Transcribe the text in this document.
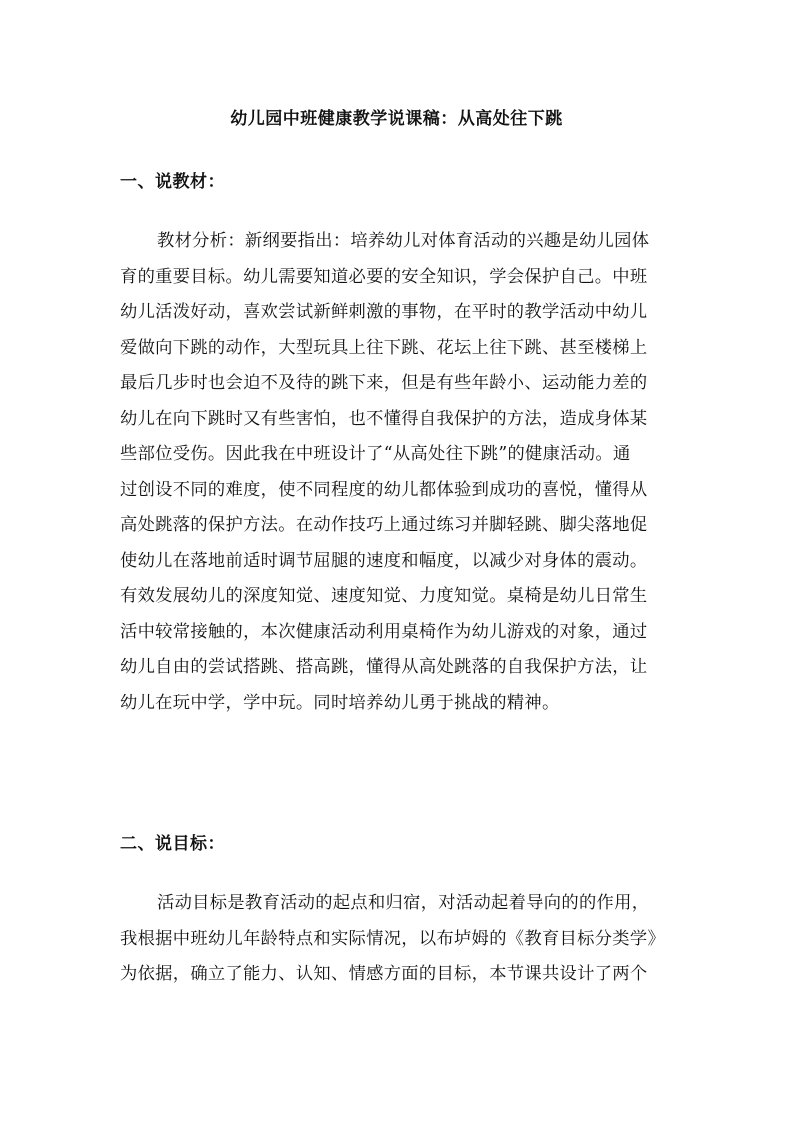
幼儿园中班健康教学说课稿：从高处往下跳
一、说教材：
教材分析：新纲要指出：培养幼儿对体育活动的兴趣是幼儿园体
育的重要目标。幼儿需要知道必要的安全知识，学会保护自己。中班
幼儿活泼好动，喜欢尝试新鲜刺激的事物，在平时的教学活动中幼儿
爱做向下跳的动作，大型玩具上往下跳、花坛上往下跳、甚至楼梯上
最后几步时也会迫不及待的跳下来，但是有些年龄小、运动能力差的
幼儿在向下跳时又有些害怕，也不懂得自我保护的方法，造成身体某
些部位受伤。因此我在中班设计了“从高处往下跳”的健康活动。通
过创设不同的难度，使不同程度的幼儿都体验到成功的喜悦，懂得从
高处跳落的保护方法。在动作技巧上通过练习并脚轻跳、脚尖落地促
使幼儿在落地前适时调节屈腿的速度和幅度，以减少对身体的震动。
有效发展幼儿的深度知觉、速度知觉、力度知觉。桌椅是幼儿日常生
活中较常接触的，本次健康活动利用桌椅作为幼儿游戏的对象，通过
幼儿自由的尝试搭跳、搭高跳，懂得从高处跳落的自我保护方法，让
幼儿在玩中学，学中玩。同时培养幼儿勇于挑战的精神。
二、说目标：
活动目标是教育活动的起点和归宿，对活动起着导向的的作用，
我根据中班幼儿年龄特点和实际情况，以布垆姆的《教育目标分类学》
为依据，确立了能力、认知、情感方面的目标，本节课共设计了两个
